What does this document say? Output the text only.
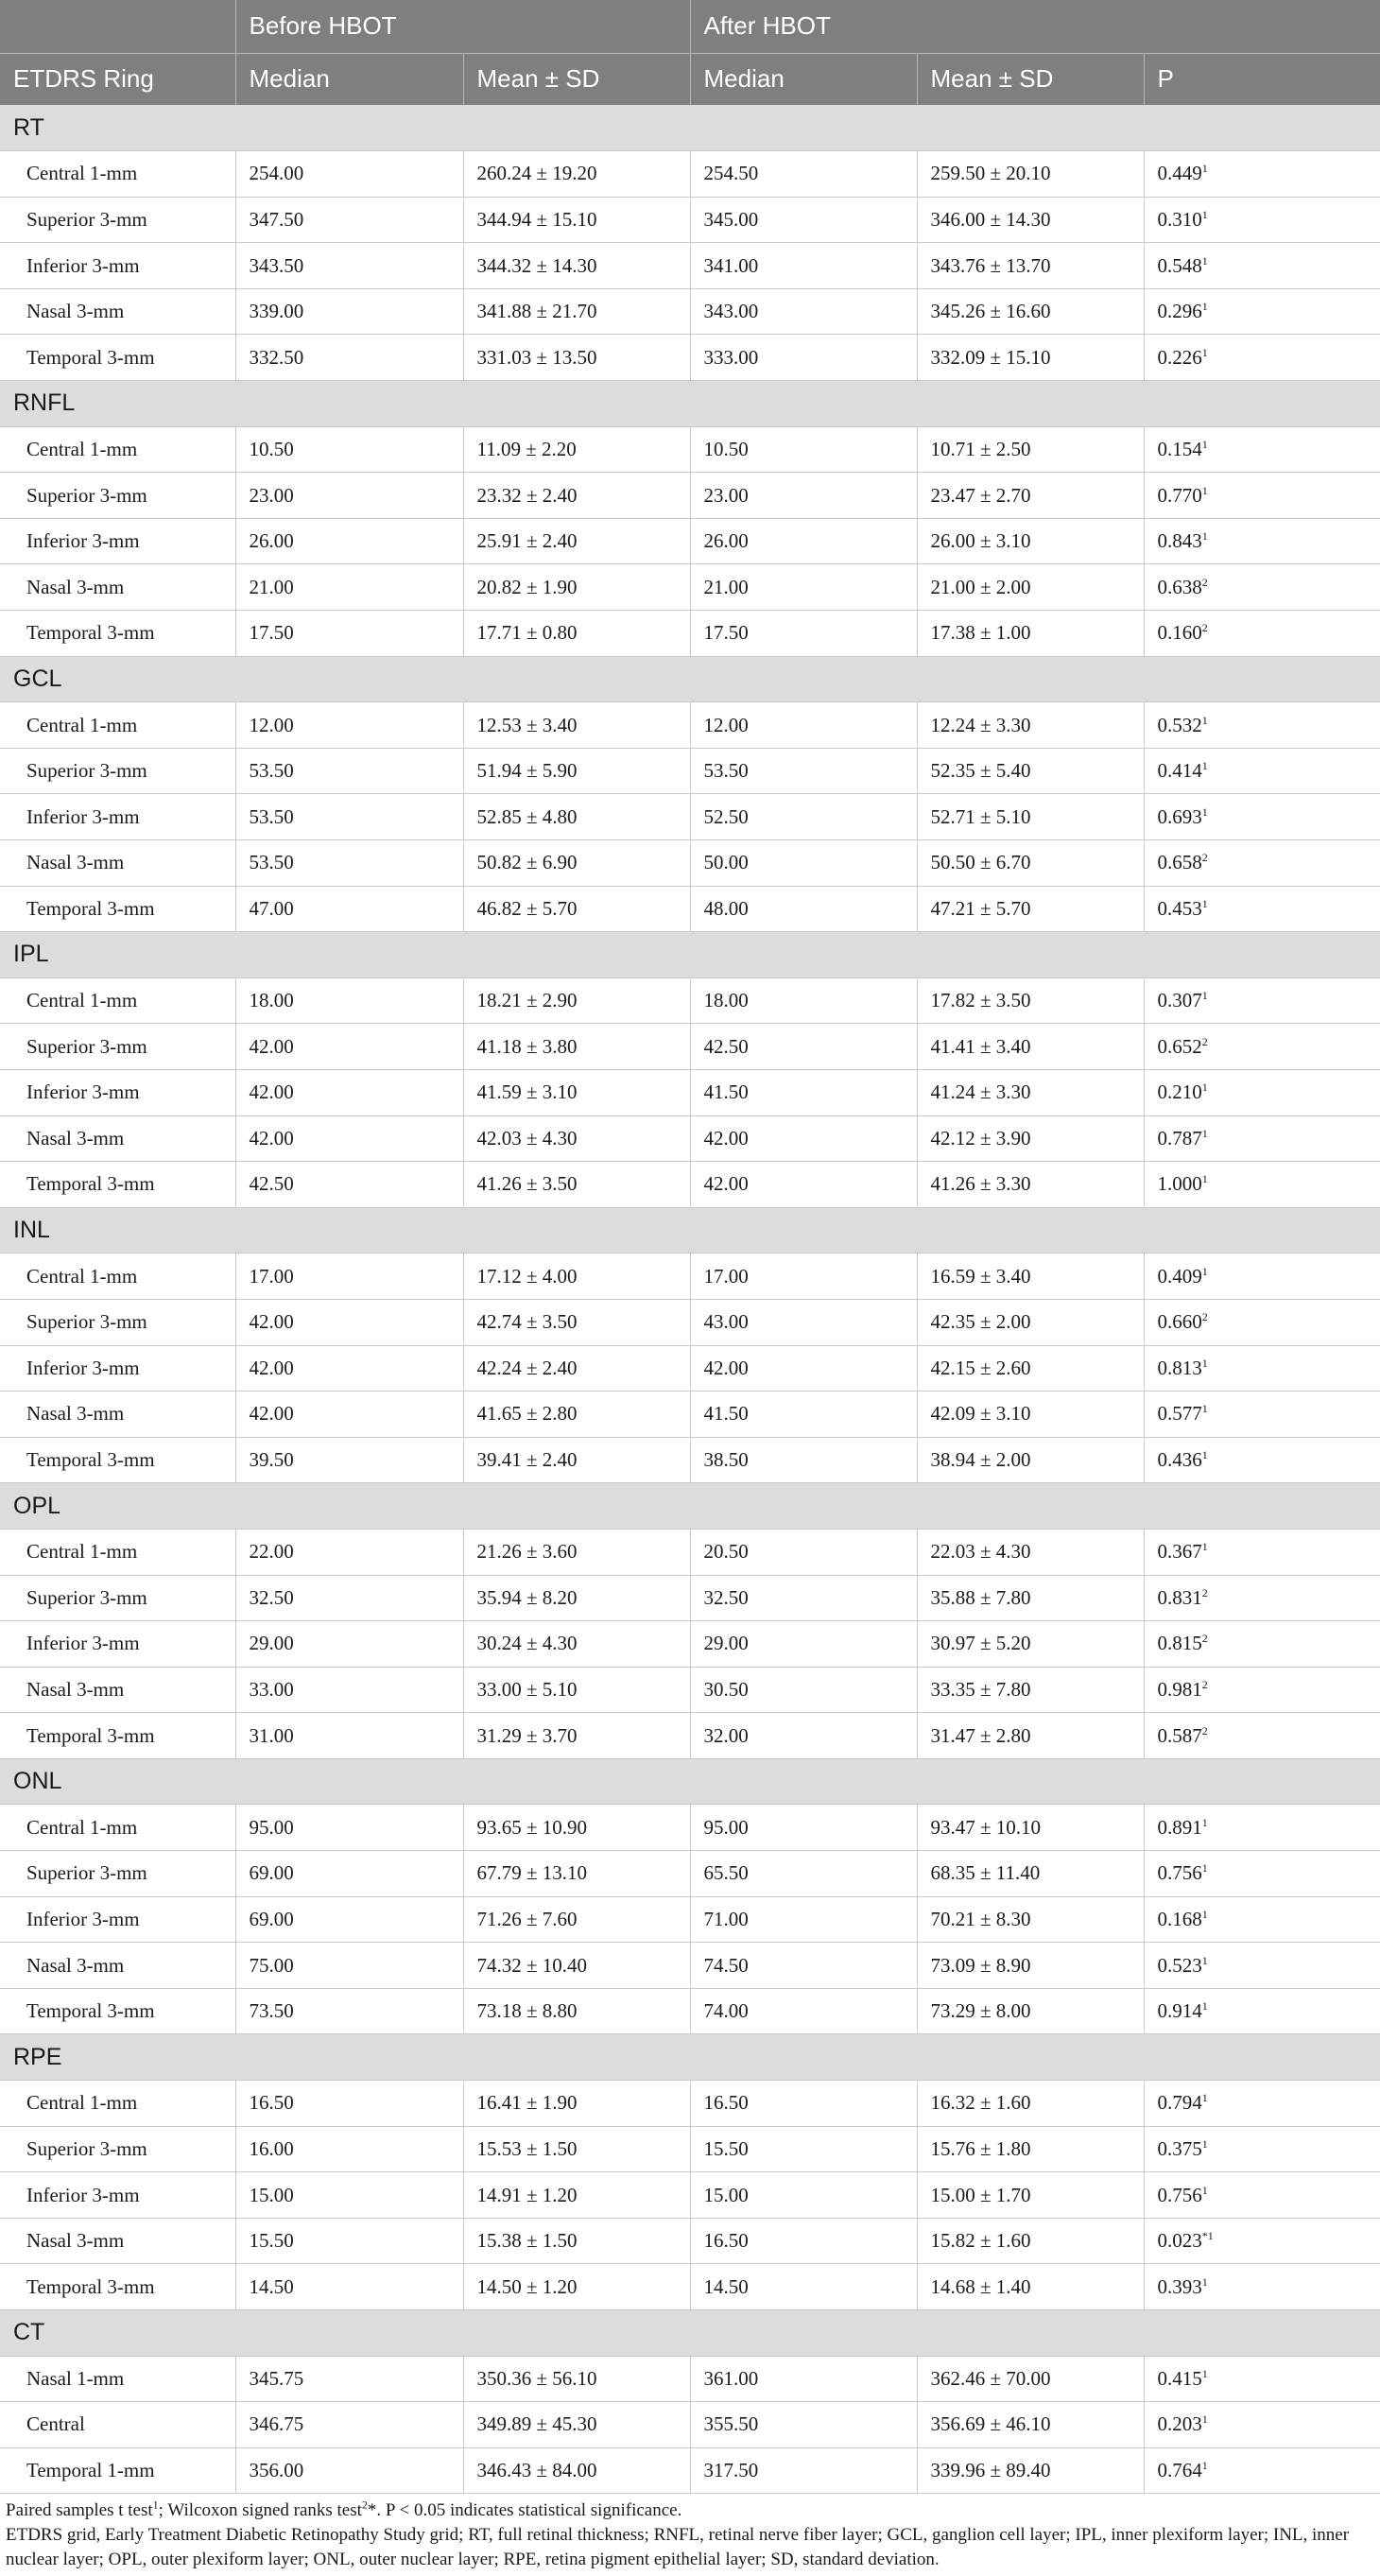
	Before HBOT		After HBOT		
ETDRS Ring	Median	Mean ± SD	Median	Mean ± SD	P
RT					
Central 1-mm	254.00	260.24 ± 19.20	254.50	259.50 ± 20.10	0.449$^1$
Superior 3-mm	347.50	344.94 ± 15.10	345.00	346.00 ± 14.30	0.310$^1$
Inferior 3-mm	343.50	344.32 ± 14.30	341.00	343.76 ± 13.70	0.548$^1$
Nasal 3-mm	339.00	341.88 ± 21.70	343.00	345.26 ± 16.60	0.296$^1$
Temporal 3-mm	332.50	331.03 ± 13.50	333.00	332.09 ± 15.10	0.226$^1$
RNFL					
Central 1-mm	10.50	11.09 ± 2.20	10.50	10.71 ± 2.50	0.154$^1$
Superior 3-mm	23.00	23.32 ± 2.40	23.00	23.47 ± 2.70	0.770$^1$
Inferior 3-mm	26.00	25.91 ± 2.40	26.00	26.00 ± 3.10	0.843$^1$
Nasal 3-mm	21.00	20.82 ± 1.90	21.00	21.00 ± 2.00	0.638$^2$
Temporal 3-mm	17.50	17.71 ± 0.80	17.50	17.38 ± 1.00	0.160$^2$
GCL					
Central 1-mm	12.00	12.53 ± 3.40	12.00	12.24 ± 3.30	0.532$^1$
Superior 3-mm	53.50	51.94 ± 5.90	53.50	52.35 ± 5.40	0.414$^1$
Inferior 3-mm	53.50	52.85 ± 4.80	52.50	52.71 ± 5.10	0.693$^1$
Nasal 3-mm	53.50	50.82 ± 6.90	50.00	50.50 ± 6.70	0.658$^2$
Temporal 3-mm	47.00	46.82 ± 5.70	48.00	47.21 ± 5.70	0.453$^1$
IPL					
Central 1-mm	18.00	18.21 ± 2.90	18.00	17.82 ± 3.50	0.307$^1$
Superior 3-mm	42.00	41.18 ± 3.80	42.50	41.41 ± 3.40	0.652$^2$
Inferior 3-mm	42.00	41.59 ± 3.10	41.50	41.24 ± 3.30	0.210$^1$
Nasal 3-mm	42.00	42.03 ± 4.30	42.00	42.12 ± 3.90	0.787$^1$
Temporal 3-mm	42.50	41.26 ± 3.50	42.00	41.26 ± 3.30	1.000$^1$
INL					
Central 1-mm	17.00	17.12 ± 4.00	17.00	16.59 ± 3.40	0.409$^1$
Superior 3-mm	42.00	42.74 ± 3.50	43.00	42.35 ± 2.00	0.660$^2$
Inferior 3-mm	42.00	42.24 ± 2.40	42.00	42.15 ± 2.60	0.813$^1$
Nasal 3-mm	42.00	41.65 ± 2.80	41.50	42.09 ± 3.10	0.577$^1$
Temporal 3-mm	39.50	39.41 ± 2.40	38.50	38.94 ± 2.00	0.436$^1$
OPL					
Central 1-mm	22.00	21.26 ± 3.60	20.50	22.03 ± 4.30	0.367$^1$
Superior 3-mm	32.50	35.94 ± 8.20	32.50	35.88 ± 7.80	0.831$^2$
Inferior 3-mm	29.00	30.24 ± 4.30	29.00	30.97 ± 5.20	0.815$^2$
Nasal 3-mm	33.00	33.00 ± 5.10	30.50	33.35 ± 7.80	0.981$^2$
Temporal 3-mm	31.00	31.29 ± 3.70	32.00	31.47 ± 2.80	0.587$^2$
ONL					
Central 1-mm	95.00	93.65 ± 10.90	95.00	93.47 ± 10.10	0.891$^1$
Superior 3-mm	69.00	67.79 ± 13.10	65.50	68.35 ± 11.40	0.756$^1$
Inferior 3-mm	69.00	71.26 ± 7.60	71.00	70.21 ± 8.30	0.168$^1$
Nasal 3-mm	75.00	74.32 ± 10.40	74.50	73.09 ± 8.90	0.523$^1$
Temporal 3-mm	73.50	73.18 ± 8.80	74.00	73.29 ± 8.00	0.914$^1$
RPE					
Central 1-mm	16.50	16.41 ± 1.90	16.50	16.32 ± 1.60	0.794$^1$
Superior 3-mm	16.00	15.53 ± 1.50	15.50	15.76 ± 1.80	0.375$^1$
Inferior 3-mm	15.00	14.91 ± 1.20	15.00	15.00 ± 1.70	0.756$^1$
Nasal 3-mm	15.50	15.38 ± 1.50	16.50	15.82 ± 1.60	0.023$^{*1}$
Temporal 3-mm	14.50	14.50 ± 1.20	14.50	14.68 ± 1.40	0.393$^1$
CT					
Nasal 1-mm	345.75	350.36 ± 56.10	361.00	362.46 ± 70.00	0.415$^1$
Central	346.75	349.89 ± 45.30	355.50	356.69 ± 46.10	0.203$^1$
Temporal 1-mm	356.00	346.43 ± 84.00	317.50	339.96 ± 89.40	0.764$^1$

Paired samples t test$^1$; Wilcoxon signed ranks test$^2$*. P < 0.05 indicates statistical significance.

ETDRS grid, Early Treatment Diabetic Retinopathy Study grid; RT, full retinal thickness; RNFL, retinal nerve fiber layer; GCL, ganglion cell layer; IPL, inner plexiform layer; INL, inner nuclear layer; OPL, outer plexiform layer; ONL, outer nuclear layer; RPE, retina pigment epithelial layer; SD, standard deviation.
